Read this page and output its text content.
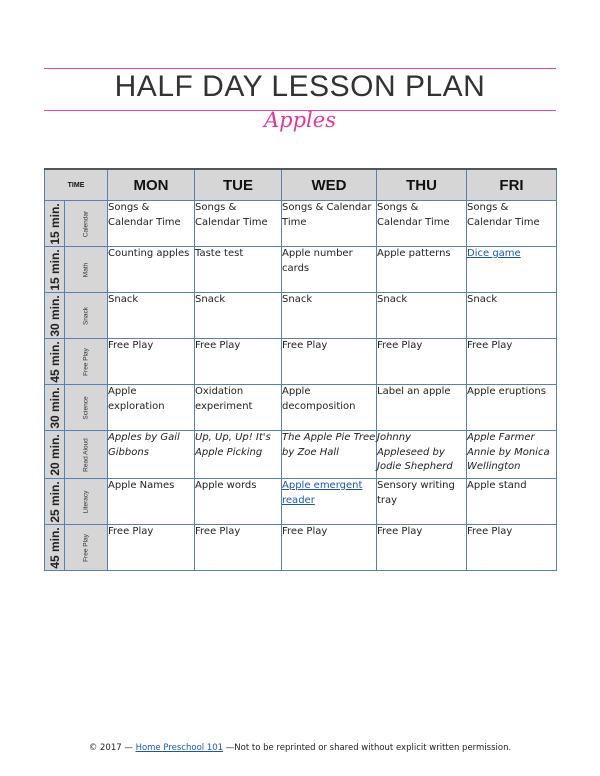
HALF DAY LESSON PLAN
Apples
TIME		MON	TUE	WED	THU	FRI

15 min.	Calendar	Songs & Calendar Time	Songs & Calendar Time	Songs & Calendar Time	Songs & Calendar Time	Songs & Calendar Time

15 min.	Math	Counting apples	Taste test	Apple number cards	Apple patterns	Dice game

30 min.	Snack	Snack	Snack	Snack	Snack	Snack

45 min.	Free Play	Free Play	Free Play	Free Play	Free Play	Free Play

30 min.	Science	Apple exploration	Oxidation experiment	Apple decomposition	Label an apple	Apple eruptions

20 min.	Read Aloud	Apples by Gail Gibbons	Up, Up, Up! It's Apple Picking	The Apple Pie Tree by Zoe Hall	Johnny Appleseed by Jodie Shepherd	Apple Farmer Annie by Monica Wellington

25 min.	Literacy	Apple Names	Apple words	Apple emergent reader	Sensory writing tray	Apple stand

45 min.	Free Play	Free Play	Free Play	Free Play	Free Play	Free Play
© 2017 — Home Preschool 101 —Not to be reprinted or shared without explicit written permission.
